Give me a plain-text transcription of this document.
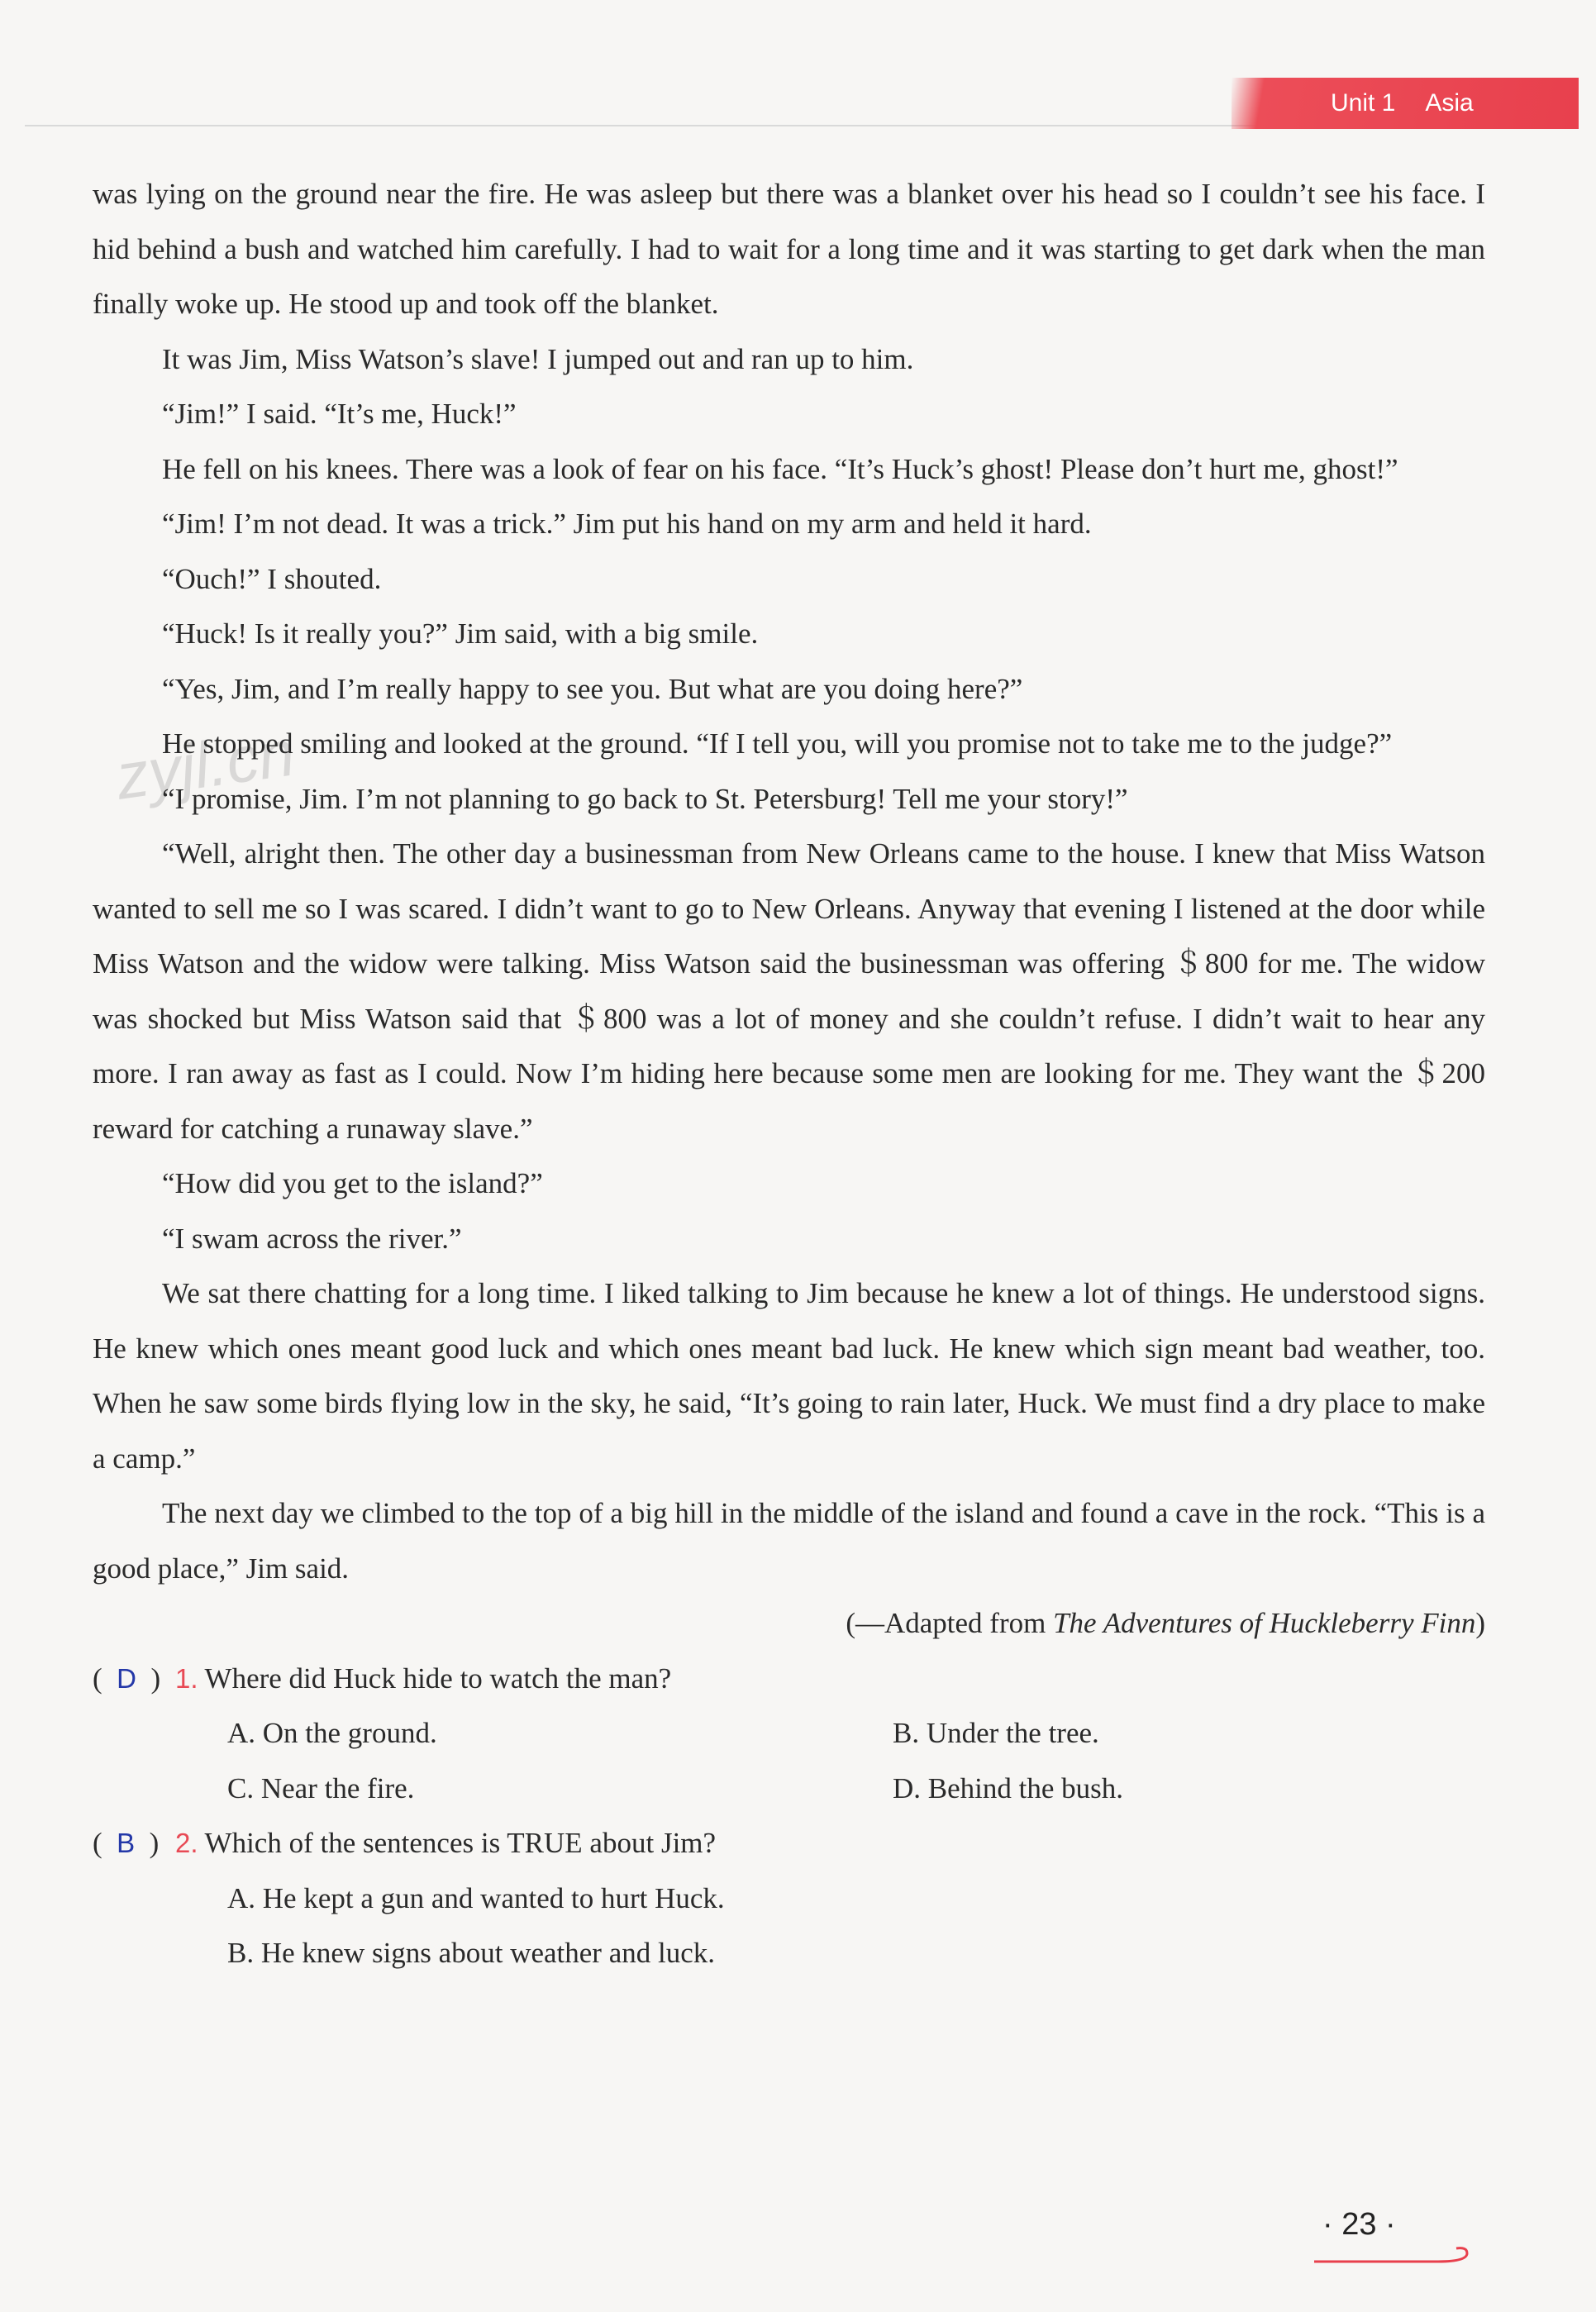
Unit 1 Asia
zyjl.cn

was lying on the ground near the fire. He was asleep but there was a blanket over his head so I couldn’t see his face. I hid behind a bush and watched him carefully. I had to wait for a long time and it was starting to get dark when the man finally woke up. He stood up and took off the blanket.

It was Jim, Miss Watson’s slave! I jumped out and ran up to him.

“Jim!” I said. “It’s me, Huck!”

He fell on his knees. There was a look of fear on his face. “It’s Huck’s ghost! Please don’t hurt me, ghost!”

“Jim! I’m not dead. It was a trick.” Jim put his hand on my arm and held it hard.

“Ouch!” I shouted.

“Huck! Is it really you?” Jim said, with a big smile.

“Yes, Jim, and I’m really happy to see you. But what are you doing here?”

He stopped smiling and looked at the ground. “If I tell you, will you promise not to take me to the judge?”

“I promise, Jim. I’m not planning to go back to St. Petersburg! Tell me your story!”

“Well, alright then. The other day a businessman from New Orleans came to the house. I knew that Miss Watson wanted to sell me so I was scared. I didn’t want to go to New Orleans. Anyway that evening I listened at the door while Miss Watson and the widow were talking. Miss Watson said the businessman was offering ＄800 for me. The widow was shocked but Miss Watson said that ＄800 was a lot of money and she couldn’t refuse. I didn’t wait to hear any more. I ran away as fast as I could. Now I’m hiding here because some men are looking for me. They want the ＄200 reward for catching a runaway slave.”

“How did you get to the island?”

“I swam across the river.”

We sat there chatting for a long time. I liked talking to Jim because he knew a lot of things. He understood signs. He knew which ones meant good luck and which ones meant bad luck. He knew which sign meant bad weather, too. When he saw some birds flying low in the sky, he said, “It’s going to rain later, Huck. We must find a dry place to make a camp.”

The next day we climbed to the top of a big hill in the middle of the island and found a cave in the rock. “This is a good place,” Jim said.

(—Adapted from The Adventures of Huckleberry Finn)

(  D  ) 1. Where did Huck hide to watch the man?
A. On the ground.	B. Under the tree.
C. Near the fire.	D. Behind the bush.
(  B  ) 2. Which of the sentences is TRUE about Jim?

A. He kept a gun and wanted to hurt Huck.

B. He knew signs about weather and luck.

· 23 ·
